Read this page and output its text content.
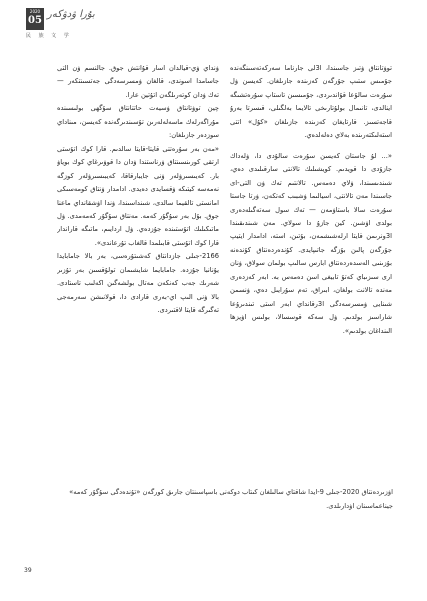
2020
05
ﺑﯘﺭﺍ ﯞﺩﯞﻛﻪﺭ
民 族 文 学

ﺗﻮﯞﺗﺎﻧﺘﺎﻕ ﯞﺗﯩﺰ ﺟﺎﺳﯩﻨﺪﺍ، ﺍ3ﻟﻰ ﺟﺎﺭﻧﺎﻣﺎ ﺳﻪﺭﻛﻪﺗﻪﺳﯩﻨﮕﻪﻧﺪﻩ ﺟﯘﻣﯩﺲ ﺳﺘﯩﭗ ﺟﯘﺭﮔﻪﻥ ﻛﻪﺯﯨﻨﺪﻩ ﺟﺎﺯﯨﻠﻐﺎﻥ. ﻛﻪﻳﺴﻦ ﯞﻝ ﺳﯘﺭﻩﺕ ﺳﺎﻟﯘﻋﺎ ﻗﯘﺍﻧﺪﯨﺮﺩﻯ، ﺟﯘﻣﯩﺴﯩﻦ ﺗﺎﺳﺘﺎﭖ ﺳﯘﺭﻩﺗﺸﯩﮕﻪ ﺍﻳﻨﺎﻟﺪﻯ، ﺗﺎﻧﯩﻤﺎﻝ ﺑﻮﻟﯘﺗﺎﺭﯨﺨﻰ ﺗﺎﻻﻳﻤﺎ ﺑﻪﻟﮕﯩﻠﻰ، ﻗﯩﺴﺮﺗﺎ ﺑﻪﺭﯗ ﻗﺎﺟﻪﺗﺴﯩﺰ. ﻗﺎﺭﺗﺎﻳﻐﺎﻥ ﻛﻪﺯﯨﻨﺪﻩ ﺟﺎﺯﯨﻠﻐﺎﻥ «ﻛﯘﻝ» ﺍﺗﺘﻰ ﺍﺳﺘﻪﻟﯩﻜﺘﻪﺭﯨﻨﺪﻩ ﺑﻪﻻﻱ ﺩﻩﻟﻪﻟﺪﻩﻱ.

«... ﻟﯘ ﺟﺎﺳﺘﺎﻥ ﻛﻪﻳﺴﻦ ﺳﯘﺭﻩﺕ ﺳﺎﻟﯘﺩﻯ ﺩﺍ، ﯞﻟﻪﺩﺍﻙ ﺟﺎﺯﯗﺩﻯ ﺩﺍ ﻗﻮﻳﺪﯨﻢ. ﻛﻮﻳﺸﯩﻠﯩﻚ ﺗﺎﻟﺎﻧﺘﻰ ﺳﺎﺭﻗﯩﻠﯩﺪﻯ ﺩﻩﻱ، ﺷﯩﻨﺪﯨﺴﯩﻨﺪﺍ، ﯞﻻﻱ ﺩﻩﻣﻪﺱ. ﺗﺎﻻﻧﺘﯩﻢ ﺗﻪﻙ ﯞﻥ ﺍﻟﺘﻰ-ﺍﻯ ﺟﺎﺳﯩﻨﺪﺍ ﻣﻪﻥ ﺗﺎﻻﻧﺘﻰ، ﺍﺳﻴﺎﻟﯩﻤﺎ ﯞﺷﺒﯩﺐ ﻛﻪﺗﻜﻪﻥ، ﯞﺭﺗﺎ ﺟﺎﺳﺘﺎ ﺳﯘﺭﻩﺕ ﺳﺎﻻ ﺑﺎﺳﺘﺎﯞﻣﻪﻥ — ﺗﻪﻙ ﺳﻮﻝ ﺳﻪﺗﻪﮔﯩﻠﻪﺩﻩﺭﻯ ﺑﻮﻟﺪﻯ ﺍﯞﺷﯩﻦ. ﻛﻴﻦ ﺟﺎﺯﯗ ﺩﺍ ﺳﻮﻻﻱ. ﻣﻪﻥ ﺷﯩﻨﺪﯨﻘﯩﻨﺪﺍ ﺍ3ﻭﻧﺮﯨﻤﻦ ﻗﺎﻳﺘﺎ ﺍﺭﻟﻪﺷﯩﺸﻤﻪﻥ، ﺑﯘﺗﯩﻦ، ﺍﺳﺘﻪ، ﺍﺩﺍﻣﺪﺍﺭ ﺍﻳﺘﻴﭗ ﺟﯘﺭﮔﻪﻥ ﭘﺎﻟﯩﻦ ﺑﯘﺯﮔﻪ ﺟﺎﺗﯩﭙﺎﻳﺪﻯ. ﻛﯘﻧﺪﻩﺭﺩﻩﻧﺘﺎﻕ ﻛﯘﻧﺪﻩﻧﻪ ﺑﯘﺯﯨﻨﯩﻰ ﺍﻟﻪﺳﺪﻩﺭﺩﻩﻧﺘﺎﻕ ﺍﺑﺎﺭﺱ ﺳﺎﻟﯩﭗ ﺑﻮﻟﻤﺎﻥ ﺳﻮﻟﺎﻕ، ﯞﻧﺎﻥ ﺍﺭﻯ ﺳﯩﺰﯨﺒﺎﻱ ﻛﻪﺗﯘ ﺗﺎﺑﻴﻐﻰ ﺍﺳﻦ ﺩﻩﻣﻪﺱ ﺑﻪ. ﺍﺑﻪﺭ ﻛﻪﺯﺩﻩﺭﻯ ﻣﻪﻧﺪﻩ ﺗﺎﻻﻧﺖ ﺑﻮﻟﻐﺎﻥ، ﺍﺑﯩﺮﺍﻕ، ﺗﻪﻡ ﺳﯘﺭﺍﻳﯩﻞ ﺩﻩﻱ، ﯞﻧﺴﻤﻦ ﺷﯩﻨﺎﻳﻰ ﯞﻣﺴﺮﺳﻪﺩﮔﻰ ﺍ3ﺭﻗﺎﻧﺪﺍﻱ ﺍﺑﻪﺭ ﺍﺳﺘﻰ ﺗﯩﻨﺪﯨﺮﯗﻋﺎ ﺷﺎﺭﺍﺳﯩﺰ ﺑﻮﻟﺪﯨﻢ. ﯞﻝ ﺳﻪﻛﻪ ﻗﻮﺳﺴﺎﻟﺎ، ﺑﻮﻟﯩﺲ ﺍﯞﻳﺰﻫﺎ ﺍﻟﯩﻨﺪﺍﻏﺎﻥ ﺑﻮﻟﺪﯨﻢ».

ﯞﻧﺪﺍﻱ ﯞﻱ-ﻗﻴﺎﻟﺪﺍﻥ ﺍﺳﺎﺭ ﻗﯘﺍﻧﺘﺶ ﺟﻮﻕ. ﺟﺎﻟﻨﺴﻢ ﯞﻥ ﺍﻟﺘﻰ ﺟﺎﺳﺎﻣﺪﺍ ﺍﺳﻮﻧﺪﻯ، ﻗﺎﻟﻐﺎﻥ ﯞﻣﺴﺮﺳﻪﺩﮔﻰ ﺟﻪﺗﺴﯩﻨﺘﻜﻪﺭ — ﺗﻪﻙ ﯞﺩﺍﻥ ﻛﻮﺗﻪﺭﯨﻠﮕﻪﻥ ﺍﺗﯘﺗﻴﻦ ﻋﺎﺭﺍ.

ﭼﻴﻦ ﺗﻮﯞﺗﺎﻧﺘﺎﻕ ﯞﺳﻴﻪﺕ ﺣﺎﺗﺘﺎﻧﺘﺎﻕ ﺳﯘﮔﻬﻰ ﺑﻮﻟﯩﺴﯩﻨﺪﻩ ﻣﯘﺭﺍﮔﻪﺭﻟﻪﻙ ﻣﺎﺳﻪﻟﻪﻟﻪﺭﯨﻦ ﺗﯘﺳﯩﻨﺪﯨﺮﮔﻪﻧﺪﻩ ﻛﻪﻳﺴﻦ، ﻣﯩﻨﺎﺩﺍﻱ ﺳﻮﺯﺩﻩﺭ ﺟﺎﺯﯨﻠﻐﺎﻥ:

«ﻣﻪﻥ ﺑﻪﺭ ﺳﯘﺭﻩﺗﺘﻰ ﻗﺎﻳﺘﺎ-ﻗﺎﻳﺘﺎ ﺳﺎﻟﺪﯨﻢ. ﻗﺎﺭﺍ ﻛﻮﻙ ﺍﺗﯘﺳﺘﻰ ﺍﺭﺗﻘﻰ ﻛﻮﺭﯨﻨﺴﯩﻨﺘﺎﻕ ﯞﺭﻧﺎﺳﺘﻨﺪﺍ ﯞﺩﺍﻥ ﺩﺍ ﻗﻮﯞﯨﺮﻏﺎﻱ ﻛﻮﻙ ﺑﻮﻳﺎﯞ ﺑﺎﺭ. ﻛﻪﻳﯩﺴﯩﺮﯞﻟﻪﺭ ﯞﻧﻰ ﺟﺎﻳﺒﺎﺭﻗﺎﻗﺎ، ﻛﻪﻳﺒﯩﺴﯩﺮﯞﻟﻪﺭ ﻛﻮﺯﮔﻪ ﻧﻪﻣﻪﺳﻪ ﻛﻴﺘﯩﻜﻪ ﯞﻗﺴﺎﻳﺪﻯ ﺩﻩﻳﺪﻯ. ﺍﺩﺍﻣﺪﺍﺭ ﯞﻧﺘﺎﻕ ﻛﻮﻣﻪﺳﯩﻜﻰ ﺍﻣﺎﻧﺴﺘﻰ ﺗﺎﻟﻘﻴﻤﺎ ﺳﺎﻟﺪﻯ، ﺷﯩﻨﺪﺍﺳﯩﻨﺪﺍ، ﯞﻧﺪﺍ ﺍﯞﺷﻘﺎﻧﺪﺍﻱ ﻣﺎﻋﻨﺎ ﺟﻮﻕ. ﺑﯘﻝ ﺑﻪﺭ ﺳﯘﮔﯘﺭ ﻛﻪﻣﻪ. ﻣﻪﻧﺘﺎﻕ ﺳﯘﮔﯘﺭ ﻛﻪﻣﻪﻣﺪﻯ. ﯞﻝ ﻣﺎﺗﯩﻜﯩﻠﯩﻚ ﺍﺗﯘﺳﺘﯩﻨﺪﻩ ﺟﯘﺯﺩﻩﻱ. ﯞﻝ ﺍﺭﺩﺍﻳﯩﻢ، ﻣﺎﺗﯩﮕﻪ ﻗﺎﺭﺍﻧﺪﺍﺭ ﻗﺎﺭﺍ ﻛﻮﻙ ﺍﺗﯘﺳﺘﻰ ﻗﺎﺑﯩﻠﻤﺪﺍ ﻗﺎﻟﻐﺎﺏ ﺗﯘﺭﻋﺎﻧﺪﻯ».

2166-ﺟﯩﻠﻰ ﺟﺎﺯﺩﺍﻧﺘﺎﻕ ﻛﻪﺷﯩﺘﯘﺭﻩﺳﻰ، ﺑﻪﺭ ﺑﺎﻻ ﺟﺎﻣﺎﺑﺎﻳﺪﺍ ﻳﯘﻧﺎﻧﺒﺎ ﺟﯘﺯﺩﻩ. ﺟﺎﻣﺎﺑﺎﻳﻤﺎ ﺷﺎﻳﺸﯩﻤﺎﻥ ﺗﻮﻟﯘﻗﺴﯩﻦ ﺑﻪﺭ ﺗﯘﺯﯨﺮ ﺷﻪﺭﯨﻚ ﺟﻪﺏ ﻛﻪﻧﻜﻪﻥ ﻣﻪﺗﺎﻝ ﺑﻮﻟﺸﻪﮔﯩﻦ ﺍﻛﻪﻟﯩﺐ ﺗﺎﺳﺘﺎﺩﻯ. ﺑﺎﻻ ﯞﻧﻰ ﺍﻟﯩﭗ ﺍﻱ-ﺑﻪﺭﻯ ﻗﺎﺭﺍﺩﻯ ﺩﺍ، ﻗﻮﻻﻧﯩﺸﻦ ﺳﻪﺭﻣﻪﺟﻰ ﺗﻪﮔﯩﺮﮔﻪ ﻗﺎﻳﺘﺎ ﻻﻗﺘﯩﺮﺩﻯ.

ﺍﯞﺯﯨﺮﺩﻩﻧﺘﺎﻕ 2020-ﺟﯩﻠﻰ 9-ﺍﻳﺪﺍ ﺷﺎﻗﺘﺎﻱ ﺳﺎﻟﯩﻠﻐﺎﻥ ﻛﯩﺘﺎﺏ ﺩﻭﻛﻪﻧﻰ ﺑﺎﺳﭙﺎﺳﯩﻨﺘﺎﻥ ﺟﺎﺭﯨﻖ ﻛﻮﺭﮔﻪﻥ «ﺗﯘﻧﺪﻩﺩﮔﻰ ﺳﯘﮔﯘﺭ ﻛﻪﻣﻪ» ﺟﻴﻨﺎﻋﻤﺎﺳﯩﻨﺎﻥ ﺍﯞﺩﺍﺭﯨﻠﺪﻯ.
39
